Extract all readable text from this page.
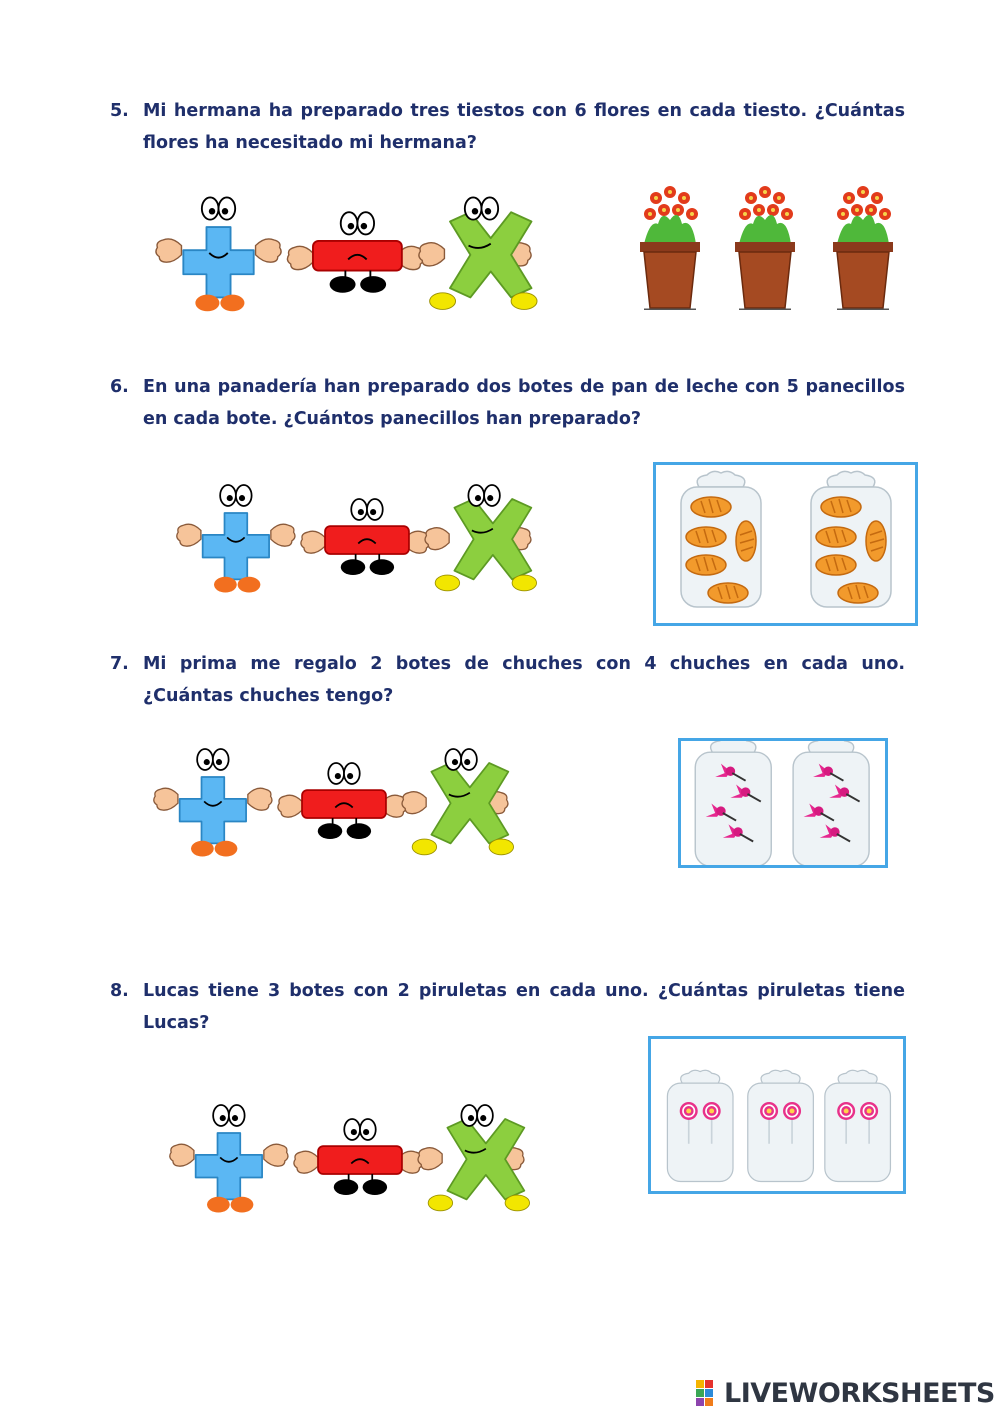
5. Mi hermana ha preparado tres tiestos con 6 flores en cada tiesto. ¿Cuántas flores ha necesitado mi hermana?
6. En una panadería han preparado dos botes de pan de leche con 5 panecillos en cada bote. ¿Cuántos panecillos han preparado?
7. Mi prima me regalo 2 botes de chuches con 4 chuches en cada uno. ¿Cuántas chuches tengo?
8. Lucas tiene 3 botes con 2 piruletas en cada uno. ¿Cuántas piruletas tiene Lucas?
LIVEWORKSHEETS
